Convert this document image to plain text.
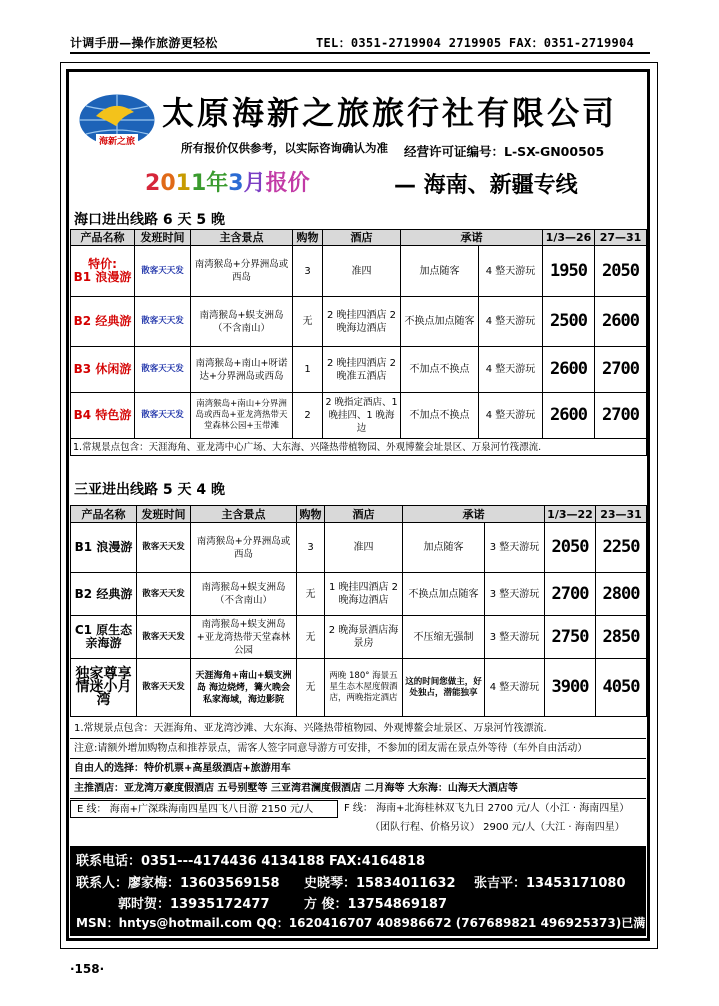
计调手册—操作旅游更轻松	TEL：0351-2719904 2719905 FAX：0351-2719904
海新之旅
太原海新之旅旅行社有限公司
所有报价仅供参考，以实际咨询确认为准 经营许可证编号：L-SX-GN00505
2011年3月报价	— 海南、新疆专线
海口进出线路 6 天 5 晚
产品名称	发班时间	主含景点	购物	酒店	承诺		1/3—26	27—31

特价:
B1 浪漫游	散客天天发	南湾猴岛+分界洲岛或西岛	3	准四	加点随客	4 整天游玩	1950	2050
B2 经典游	散客天天发	南湾猴岛+蜈支洲岛（不含南山）	无	2 晚挂四酒店 2 晚海边酒店	不换点加点随客	4 整天游玩	2500	2600
B3 休闲游	散客天天发	南湾猴岛+南山+呀诺达+分界洲岛或西岛	1	2 晚挂四酒店 2 晚准五酒店	不加点不换点	4 整天游玩	2600	2700
B4 特色游	散客天天发	南湾猴岛+南山+分界洲岛或西岛+亚龙湾热带天堂森林公园+玉带滩	2	2 晚指定酒店、1 晚挂四、1 晚海边	不加点不换点	4 整天游玩	2600	2700
1.常规景点包含：天涯海角、亚龙湾中心广场、大东海、兴隆热带植物园、外观博鳌会址景区、万泉河竹筏漂流.								
三亚进出线路 5 天 4 晚
产品名称	发班时间	主含景点	购物	酒店	承诺		1/3—22	23—31
B1 浪漫游	散客天天发	南湾猴岛+分界洲岛或西岛	3	准四	加点随客	3 整天游玩	2050	2250
B2 经典游	散客天天发	南湾猴岛+蜈支洲岛（不含南山）	无	1 晚挂四酒店 2 晚海边酒店	不换点加点随客	3 整天游玩	2700	2800

C1 原生态
亲海游	散客天天发	南湾猴岛+蜈支洲岛+亚龙湾热带天堂森林公园	无	2 晚海景酒店海景房	不压缩无强制	3 整天游玩	2750	2850

独家尊享
情迷小月湾	散客天天发	天涯海角+南山+蜈支洲岛 海边烧烤，篝火晚会 私家海域，海边影院	无	两晚 180° 海景五星生态木屋度假酒店，两晚指定酒店	这的时间您做主，好处独占，潜能独享	4 整天游玩	3900	4050
1.常规景点包含：天涯海角、亚龙湾沙滩、大东海、兴隆热带植物园、外观博鳌会址景区、万泉河竹筏漂流.
注意:请额外增加购物点和推荐景点，需客人签字同意导游方可安排，不参加的团友需在景点外等待（车外自由活动）
自由人的选择：特价机票+高星级酒店+旅游用车
主推酒店：亚龙湾万豪度假酒店 五号别墅等 三亚湾君澜度假酒店 二月海等 大东海：山海天大酒店等
E 线： 海南+广深珠海南四星四飞八日游 2150 元/人	F 线： 海南+北海桂林双飞九日 2700 元/人（小江 · 海南四星）
（团队行程、价格另议） 2900 元/人（大江 · 海南四星）
联系电话：0351---4174436 4134188 FAX:4164818
联系人：廖家梅：13603569158 史晓琴：15834011632 张吉平：13453171080
郭时贺：13935172477	方 俊：13754869187
MSN：hntys@hotmail.com QQ：1620416707 408986672 (767689821 496925373)已满
·158·
